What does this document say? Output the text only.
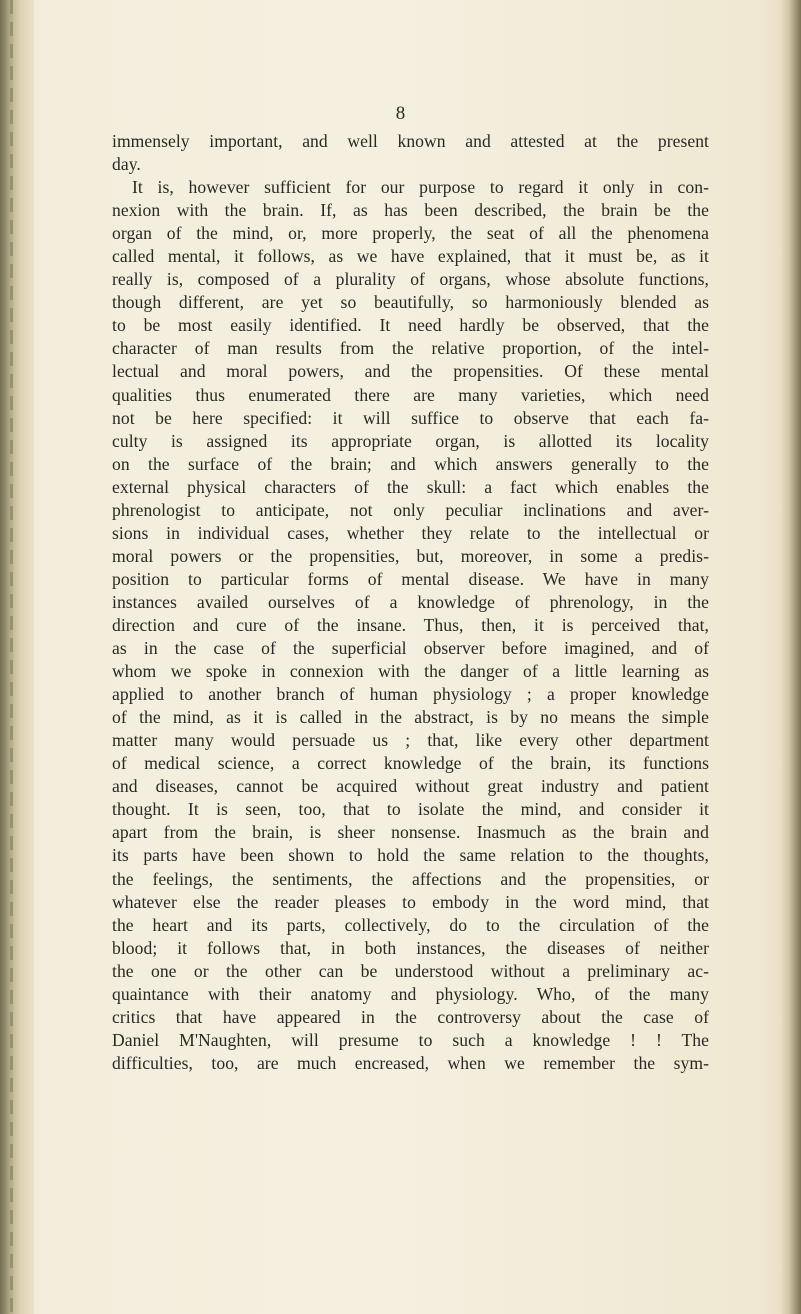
8
immensely important, and well known and attested at the present
day.
It is, however sufficient for our purpose to regard it only in con-
nexion with the brain. If, as has been described, the brain be the
organ of the mind, or, more properly, the seat of all the phenomena
called mental, it follows, as we have explained, that it must be, as it
really is, composed of a plurality of organs, whose absolute functions,
though different, are yet so beautifully, so harmoniously blended as
to be most easily identified. It need hardly be observed, that the
character of man results from the relative proportion, of the intel-
lectual and moral powers, and the propensities. Of these mental
qualities thus enumerated there are many varieties, which need
not be here specified: it will suffice to observe that each fa-
culty is assigned its appropriate organ, is allotted its locality
on the surface of the brain; and which answers generally to the
external physical characters of the skull: a fact which enables the
phrenologist to anticipate, not only peculiar inclinations and aver-
sions in individual cases, whether they relate to the intellectual or
moral powers or the propensities, but, moreover, in some a predis-
position to particular forms of mental disease. We have in many
instances availed ourselves of a knowledge of phrenology, in the
direction and cure of the insane. Thus, then, it is perceived that,
as in the case of the superficial observer before imagined, and of
whom we spoke in connexion with the danger of a little learning as
applied to another branch of human physiology ; a proper knowledge
of the mind, as it is called in the abstract, is by no means the simple
matter many would persuade us ; that, like every other department
of medical science, a correct knowledge of the brain, its functions
and diseases, cannot be acquired without great industry and patient
thought. It is seen, too, that to isolate the mind, and consider it
apart from the brain, is sheer nonsense. Inasmuch as the brain and
its parts have been shown to hold the same relation to the thoughts,
the feelings, the sentiments, the affections and the propensities, or
whatever else the reader pleases to embody in the word mind, that
the heart and its parts, collectively, do to the circulation of the
blood; it follows that, in both instances, the diseases of neither
the one or the other can be understood without a preliminary ac-
quaintance with their anatomy and physiology. Who, of the many
critics that have appeared in the controversy about the case of
Daniel M'Naughten, will presume to such a knowledge ! ! The
difficulties, too, are much encreased, when we remember the sym-
